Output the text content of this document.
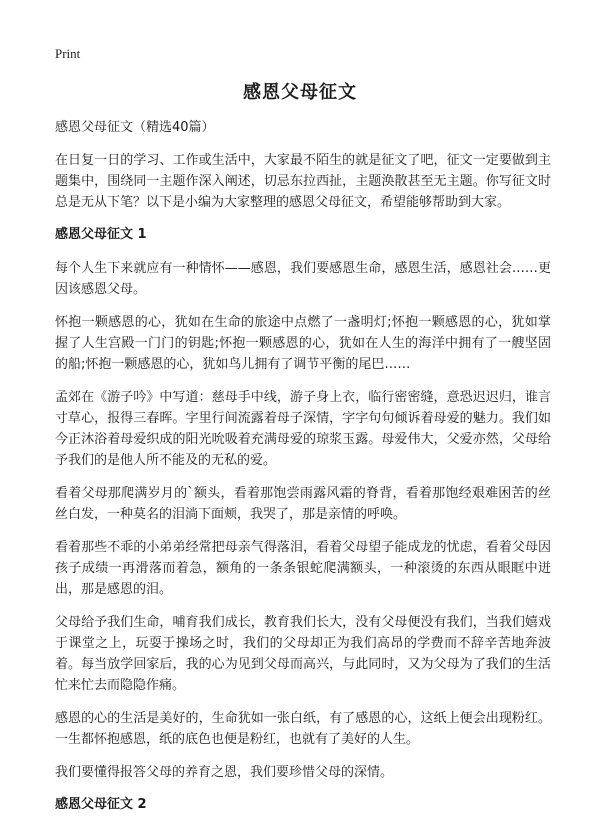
Print
感恩父母征文

感恩父母征文（精选40篇）

在日复一日的学习、工作或生活中，大家最不陌生的就是征文了吧，征文一定要做到主题集中，围绕同一主题作深入阐述，切忌东拉西扯，主题涣散甚至无主题。你写征文时总是无从下笔？以下是小编为大家整理的感恩父母征文，希望能够帮助到大家。

感恩父母征文 1

每个人生下来就应有一种情怀——感恩，我们要感恩生命，感恩生活，感恩社会……更因该感恩父母。

怀抱一颗感恩的心，犹如在生命的旅途中点燃了一盏明灯;怀抱一颗感恩的心，犹如掌握了人生宫殿一门门的钥匙;怀抱一颗感恩的心，犹如在人生的海洋中拥有了一艘坚固的船;怀抱一颗感恩的心，犹如鸟儿拥有了调节平衡的尾巴……

孟郊在《游子吟》中写道：慈母手中线，游子身上衣，临行密密缝，意恐迟迟归，谁言寸草心，报得三春晖。字里行间流露着母子深情，字字句句倾诉着母爱的魅力。我们如今正沐浴着母爱织成的阳光吮吸着充满母爱的琼浆玉露。母爱伟大，父爱亦然，父母给予我们的是他人所不能及的无私的爱。

看着父母那爬满岁月的`额头，看着那饱尝雨露风霜的脊背，看着那饱经艰难困苦的丝丝白发，一种莫名的泪淌下面颊，我哭了，那是亲情的呼唤。

看着那些不乖的小弟弟经常把母亲气得落泪，看着父母望子能成龙的忧虑，看着父母因孩子成绩一再滑落而着急，额角的一条条银蛇爬满额头，一种滚烫的东西从眼眶中迸出，那是感恩的泪。

父母给予我们生命，哺育我们成长，教育我们长大，没有父母便没有我们，当我们嬉戏于课堂之上，玩耍于操场之时，我们的父母却正为我们高昂的学费而不辞辛苦地奔波着。每当放学回家后，我的心为见到父母而高兴，与此同时，又为父母为了我们的生活忙来忙去而隐隐作痛。

感恩的心的生活是美好的，生命犹如一张白纸，有了感恩的心，这纸上便会出现粉红。一生都怀抱感恩，纸的底色也便是粉红，也就有了美好的人生。

我们要懂得报答父母的养育之恩，我们要珍惜父母的深情。

感恩父母征文 2
